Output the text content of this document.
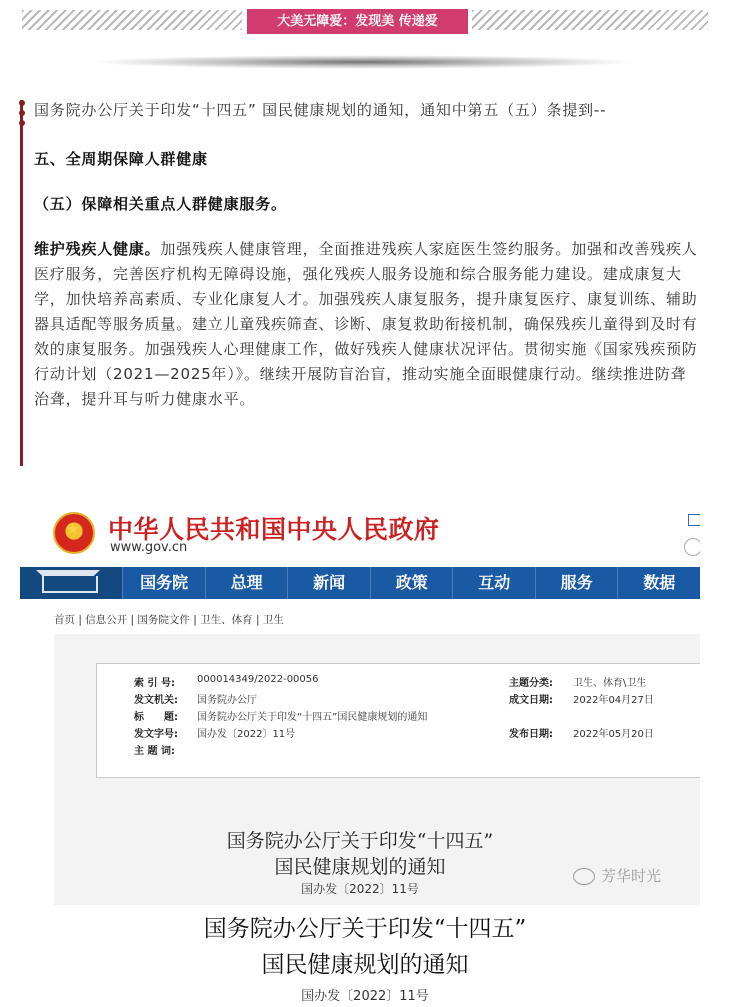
大美无障爱：发现美 传递爱

国务院办公厅关于印发“十四五” 国民健康规划的通知，通知中第五（五）条提到--

五、全周期保障人群健康

（五）保障相关重点人群健康服务。

维护残疾人健康。加强残疾人健康管理，全面推进残疾人家庭医生签约服务。加强和改善残疾人医疗服务，完善医疗机构无障碍设施，强化残疾人服务设施和综合服务能力建设。建成康复大学，加快培养高素质、专业化康复人才。加强残疾人康复服务，提升康复医疗、康复训练、辅助器具适配等服务质量。建立儿童残疾筛查、诊断、康复救助衔接机制，确保残疾儿童得到及时有效的康复服务。加强残疾人心理健康工作，做好残疾人健康状况评估。贯彻实施《国家残疾预防行动计划（2021—2025年）》。继续开展防盲治盲，推动实施全面眼健康行动。继续推进防聋治聋，提升耳与听力健康水平。

★
中华人民共和国中央人民政府
www.gov.cn
国务院	总理	新闻	政策	互动	服务	数据
首页 | 信息公开 | 国务院文件 | 卫生、体育 | 卫生
索 引 号: 000014349/2022-00056	主题分类: 卫生、体育\卫生
发文机关: 国务院办公厅	成文日期: 2022年04月27日
标　　题: 国务院办公厅关于印发“十四五”国民健康规划的通知
发文字号: 国办发〔2022〕11号	发布日期: 2022年05月20日
主 题 词:
国务院办公厅关于印发“十四五”
国民健康规划的通知
国办发〔2022〕11号
芳华时光
国务院办公厅关于印发“十四五”
国民健康规划的通知
国办发〔2022〕11号
